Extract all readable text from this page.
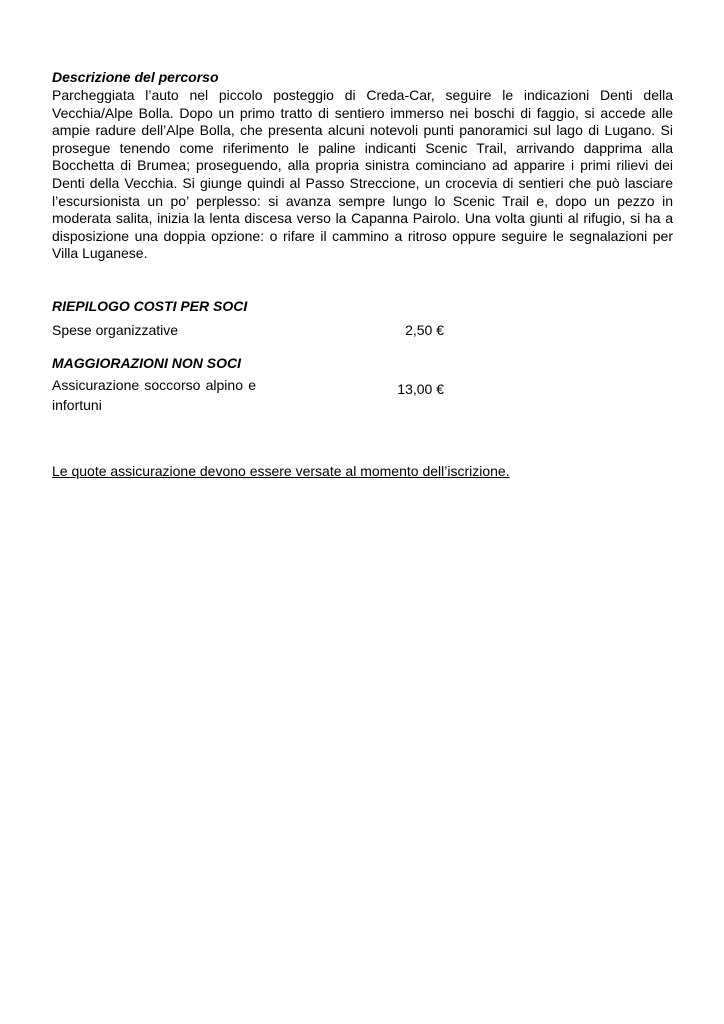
Descrizione del percorso
Parcheggiata l’auto nel piccolo posteggio di Creda-Car, seguire le indicazioni Denti della Vecchia/Alpe Bolla. Dopo un primo tratto di sentiero immerso nei boschi di faggio, si accede alle ampie radure dell’Alpe Bolla, che presenta alcuni notevoli punti panoramici sul lago di Lugano. Si prosegue tenendo come riferimento le paline indicanti Scenic Trail, arrivando dapprima alla Bocchetta di Brumea; proseguendo, alla propria sinistra cominciano ad apparire i primi rilievi dei Denti della Vecchia. Si giunge quindi al Passo Streccione, un crocevia di sentieri che può lasciare l’escursionista un po’ perplesso: si avanza sempre lungo lo Scenic Trail e, dopo un pezzo in moderata salita, inizia la lenta discesa verso la Capanna Pairolo. Una volta giunti al rifugio, si ha a disposizione una doppia opzione: o rifare il cammino a ritroso oppure seguire le segnalazioni per Villa Luganese.
RIEPILOGO COSTI PER SOCI
Spese organizzative	2,50 €
MAGGIORAZIONI NON SOCI
Assicurazione soccorso alpino e infortuni
13,00 €
Le quote assicurazione devono essere versate al momento dell’iscrizione.
